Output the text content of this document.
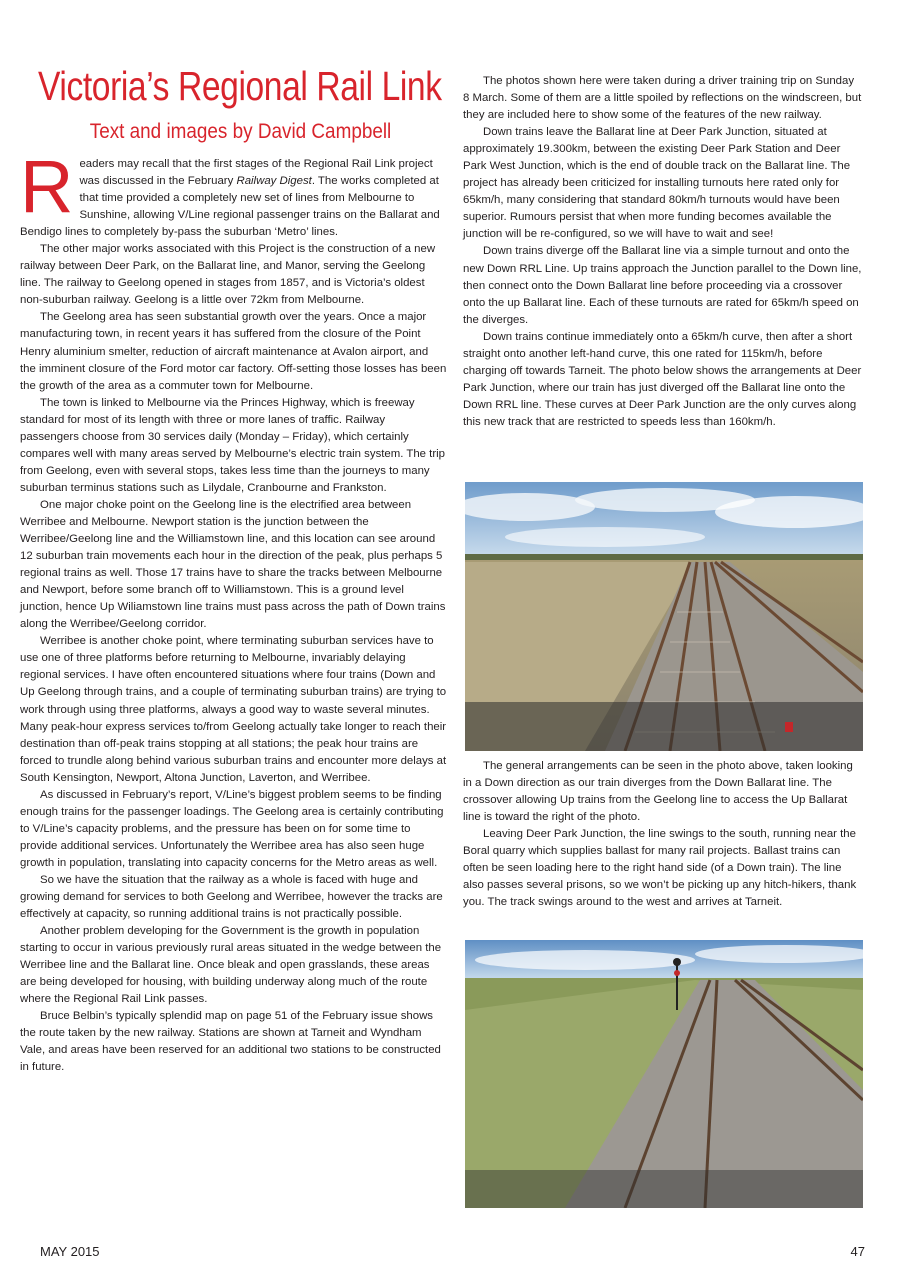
Victoria’s Regional Rail Link
Text and images by David Campbell

Readers may recall that the first stages of the Regional Rail Link project was discussed in the February Railway Digest. The works completed at that time provided a completely new set of lines from Melbourne to Sunshine, allowing V/Line regional passenger trains on the Ballarat and Bendigo lines to completely by-pass the suburban ‘Metro’ lines.

The other major works associated with this Project is the construction of a new railway between Deer Park, on the Ballarat line, and Manor, serving the Geelong line. The railway to Geelong opened in stages from 1857, and is Victoria’s oldest non-suburban railway. Geelong is a little over 72km from Melbourne.

The Geelong area has seen substantial growth over the years. Once a major manufacturing town, in recent years it has suffered from the closure of the Point Henry aluminium smelter, reduction of aircraft maintenance at Avalon airport, and the imminent closure of the Ford motor car factory. Off-setting those losses has been the growth of the area as a commuter town for Melbourne.

The town is linked to Melbourne via the Princes Highway, which is freeway standard for most of its length with three or more lanes of traffic. Railway passengers choose from 30 services daily (Monday – Friday), which certainly compares well with many areas served by Melbourne’s electric train system. The trip from Geelong, even with several stops, takes less time than the journeys to many suburban terminus stations such as Lilydale, Cranbourne and Frankston.

One major choke point on the Geelong line is the electrified area between Werribee and Melbourne. Newport station is the junction between the Werribee/Geelong line and the Williamstown line, and this location can see around 12 suburban train movements each hour in the direction of the peak, plus perhaps 5 regional trains as well. Those 17 trains have to share the tracks between Melbourne and Newport, before some branch off to Williamstown. This is a ground level junction, hence Up Wiliamstown line trains must pass across the path of Down trains along the Werribee/Geelong corridor.

Werribee is another choke point, where terminating suburban services have to use one of three platforms before returning to Melbourne, invariably delaying regional services. I have often encountered situations where four trains (Down and Up Geelong through trains, and a couple of terminating suburban trains) are trying to work through using three platforms, always a good way to waste several minutes. Many peak-hour express services to/from Geelong actually take longer to reach their destination than off-peak trains stopping at all stations; the peak hour trains are forced to trundle along behind various suburban trains and encounter more delays at South Kensington, Newport, Altona Junction, Laverton, and Werribee.

As discussed in February’s report, V/Line’s biggest problem seems to be finding enough trains for the passenger loadings. The Geelong area is certainly contributing to V/Line’s capacity problems, and the pressure has been on for some time to provide additional services. Unfortunately the Werribee area has also seen huge growth in population, translating into capacity concerns for the Metro areas as well.

So we have the situation that the railway as a whole is faced with huge and growing demand for services to both Geelong and Werribee, however the tracks are effectively at capacity, so running additional trains is not practically possible.

Another problem developing for the Government is the growth in population starting to occur in various previously rural areas situated in the wedge between the Werribee line and the Ballarat line. Once bleak and open grasslands, these areas are being developed for housing, with building underway along much of the route where the Regional Rail Link passes.

Bruce Belbin’s typically splendid map on page 51 of the February issue shows the route taken by the new railway. Stations are shown at Tarneit and Wyndham Vale, and areas have been reserved for an additional two stations to be constructed in future.

The photos shown here were taken during a driver training trip on Sunday 8 March. Some of them are a little spoiled by reflections on the windscreen, but they are included here to show some of the features of the new railway.

Down trains leave the Ballarat line at Deer Park Junction, situated at approximately 19.300km, between the existing Deer Park Station and Deer Park West Junction, which is the end of double track on the Ballarat line. The project has already been criticized for installing turnouts here rated only for 65km/h, many considering that standard 80km/h turnouts would have been superior. Rumours persist that when more funding becomes available the junction will be re-configured, so we will have to wait and see!

Down trains diverge off the Ballarat line via a simple turnout and onto the new Down RRL Line. Up trains approach the Junction parallel to the Down line, then connect onto the Down Ballarat line before proceeding via a crossover onto the up Ballarat line. Each of these turnouts are rated for 65km/h speed on the diverges.

Down trains continue immediately onto a 65km/h curve, then after a short straight onto another left-hand curve, this one rated for 115km/h, before charging off towards Tarneit. The photo below shows the arrangements at Deer Park Junction, where our train has just diverged off the Ballarat line onto the Down RRL line. These curves at Deer Park Junction are the only curves along this new track that are restricted to speeds less than 160km/h.

The general arrangements can be seen in the photo above, taken looking in a Down direction as our train diverges from the Down Ballarat line. The crossover allowing Up trains from the Geelong line to access the Up Ballarat line is toward the right of the photo.

Leaving Deer Park Junction, the line swings to the south, running near the Boral quarry which supplies ballast for many rail projects. Ballast trains can often be seen loading here to the right hand side (of a Down train). The line also passes several prisons, so we won’t be picking up any hitch-hikers, thank you. The track swings around to the west and arrives at Tarneit.

MAY 2015	47
